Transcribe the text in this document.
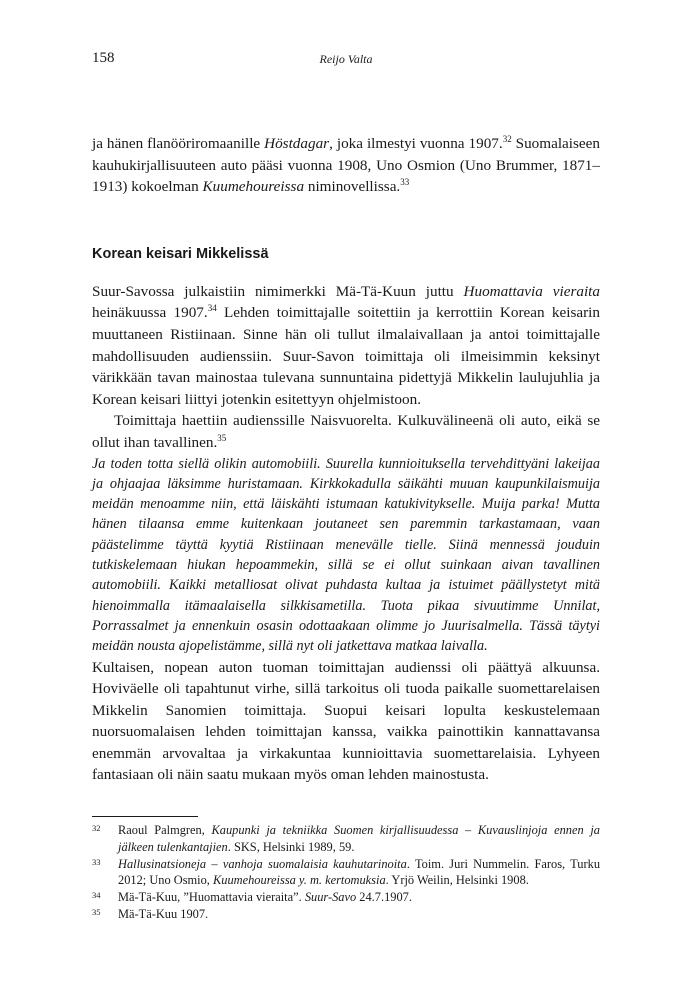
158	Reijo Valta

ja hänen flanööriromaanille Höstdagar, joka ilmestyi vuonna 1907.32 Suomalaiseen kauhukirjallisuuteen auto pääsi vuonna 1908, Uno Osmion (Uno Brummer, 1871–1913) kokoelman Kuumehoureissa niminovellissa.$^{33}$

Korean keisari Mikkelissä

Suur-Savossa julkaistiin nimimerkki Mä-Tä-Kuun juttu Huomattavia vieraita heinäkuussa 1907.34 Lehden toimittajalle soitettiin ja kerrottiin Korean keisarin muuttaneen Ristiinaan. Sinne hän oli tullut ilmalaivallaan ja antoi toimittajalle mahdollisuuden audienssiin. Suur-Savon toimittaja oli ilmeisimmin keksinyt värikkään tavan mainostaa tulevana sunnuntaina pidettyjä Mikkelin laulujuhlia ja Korean keisari liittyi jotenkin esitettyyn ohjelmistoon.

Toimittaja haettiin audienssille Naisvuorelta. Kulkuvälineenä oli auto, eikä se ollut ihan tavallinen.$^{35}$

Ja toden totta siellä olikin automobiili. Suurella kunnioituksella tervehdittyäni lakeijaa ja ohjaajaa läksimme huristamaan. Kirkkokadulla säikähti muuan kaupunkilaismuija meidän menoamme niin, että läiskähti istumaan katukivitykselle. Muija parka! Mutta hänen tilaansa emme kuitenkaan joutaneet sen paremmin tarkastamaan, vaan päästelimme täyttä kyytiä Ristiinaan menevälle tielle. Siinä mennessä jouduin tutkiskelemaan hiukan hepoammekin, sillä se ei ollut suinkaan aivan tavallinen automobiili. Kaikki metalliosat olivat puhdasta kultaa ja istuimet päällystetyt mitä hienoimmalla itämaalaisella silkkisametilla. Tuota pikaa sivuutimme Unnilat, Porrassalmet ja ennenkuin osasin odottaakaan olimme jo Juurisalmella. Tässä täytyi meidän nousta ajopelistämme, sillä nyt oli jatkettava matkaa laivalla.

Kultaisen, nopean auton tuoman toimittajan audienssi oli päättyä alkuunsa. Hoviväelle oli tapahtunut virhe, sillä tarkoitus oli tuoda paikalle suomettarelaisen Mikkelin Sanomien toimittaja. Suopui keisari lopulta keskustelemaan nuorsuomalaisen lehden toimittajan kanssa, vaikka painottikin kannattavansa enemmän arvovaltaa ja virkakuntaa kunnioittavia suomettarelaisia. Lyhyeen fantasiaan oli näin saatu mukaan myös oman lehden mainostusta.

32 Raoul Palmgren, Kaupunki ja tekniikka Suomen kirjallisuudessa – Kuvauslinjoja ennen ja jälkeen tulenkantajien. SKS, Helsinki 1989, 59.
33 Hallusinatsioneja – vanhoja suomalaisia kauhutarinoita. Toim. Juri Nummelin. Faros, Turku 2012; Uno Osmio, Kuumehoureissa y. m. kertomuksia. Yrjö Weilin, Helsinki 1908.
34 Mä-Tä-Kuu, ”Huomattavia vieraita”. Suur-Savo 24.7.1907.
35 Mä-Tä-Kuu 1907.
